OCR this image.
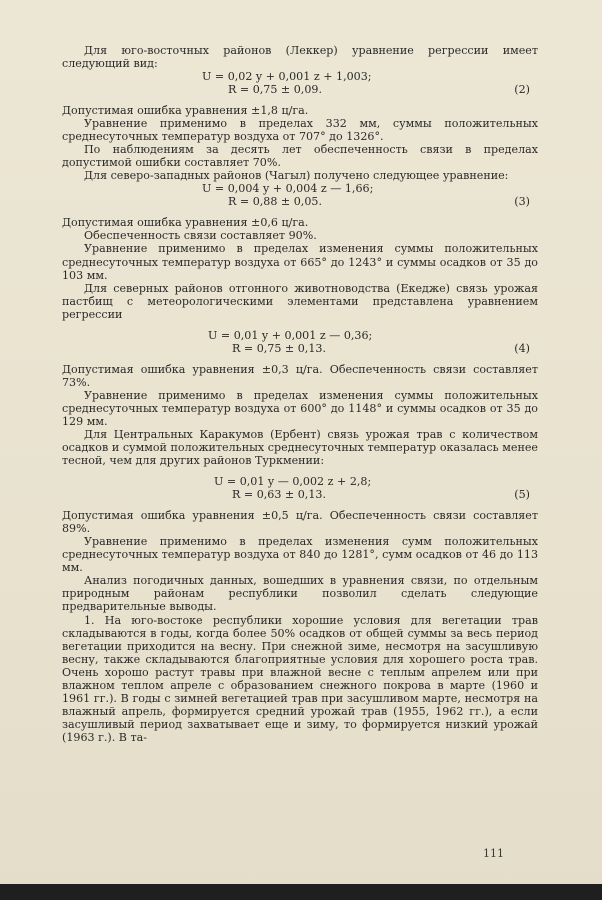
Для юго-восточных районов (Леккер) уравнение регрессии имеет следующий вид:

U = 0,02 y + 0,001 z + 1,003;
R = 0,75 ± 0,09.	(2)

Допустимая ошибка уравнения ±1,8 ц/га.

Уравнение применимо в пределах 332 мм, суммы положительных среднесуточных температур воздуха от 707° до 1326°.

По наблюдениям за десять лет обеспеченность связи в пределах допустимой ошибки составляет 70%.

Для северо-западных районов (Чагыл) получено следующее уравнение:

U = 0,004 y + 0,004 z — 1,66;
R = 0,88 ± 0,05.	(3)

Допустимая ошибка уравнения ±0,6 ц/га.

Обеспеченность связи составляет 90%.

Уравнение применимо в пределах изменения суммы положительных среднесуточных температур воздуха от 665° до 1243° и суммы осадков от 35 до 103 мм.

Для северных районов отгонного животноводства (Екедже) связь урожая пастбищ с метеорологическими элементами представлена уравнением регрессии

U = 0,01 y + 0,001 z — 0,36;
R = 0,75 ± 0,13.	(4)

Допустимая ошибка уравнения ±0,3 ц/га. Обеспеченность связи составляет 73%.

Уравнение применимо в пределах изменения суммы положительных среднесуточных температур воздуха от 600° до 1148° и суммы осадков от 35 до 129 мм.

Для Центральных Каракумов (Ербент) связь урожая трав с количеством осадков и суммой положительных среднесуточных температур оказалась менее тесной, чем для других районов Туркмении:

U = 0,01 y — 0,002 z + 2,8;
R = 0,63 ± 0,13.	(5)

Допустимая ошибка уравнения ±0,5 ц/га. Обеспеченность связи составляет 89%.

Уравнение применимо в пределах изменения сумм положительных среднесуточных температур воздуха от 840 до 1281°, сумм осадков от 46 до 113 мм.

Анализ погодичных данных, вошедших в уравнения связи, по отдельным природным районам республики позволил сделать следующие предварительные выводы.

1. На юго-востоке республики хорошие условия для вегетации трав складываются в годы, когда более 50% осадков от общей суммы за весь период вегетации приходится на весну. При снежной зиме, несмотря на засушливую весну, также складываются благоприятные условия для хорошего роста трав. Очень хорошо растут травы при влажной весне с теплым апрелем или при влажном теплом апреле с образованием снежного покрова в марте (1960 и 1961 гг.). В годы с зимней вегетацией трав при засушливом марте, несмотря на влажный апрель, формируется средний урожай трав (1955, 1962 гг.), а если засушливый период захватывает еще и зиму, то формируется низкий урожай (1963 г.). В та-

111
